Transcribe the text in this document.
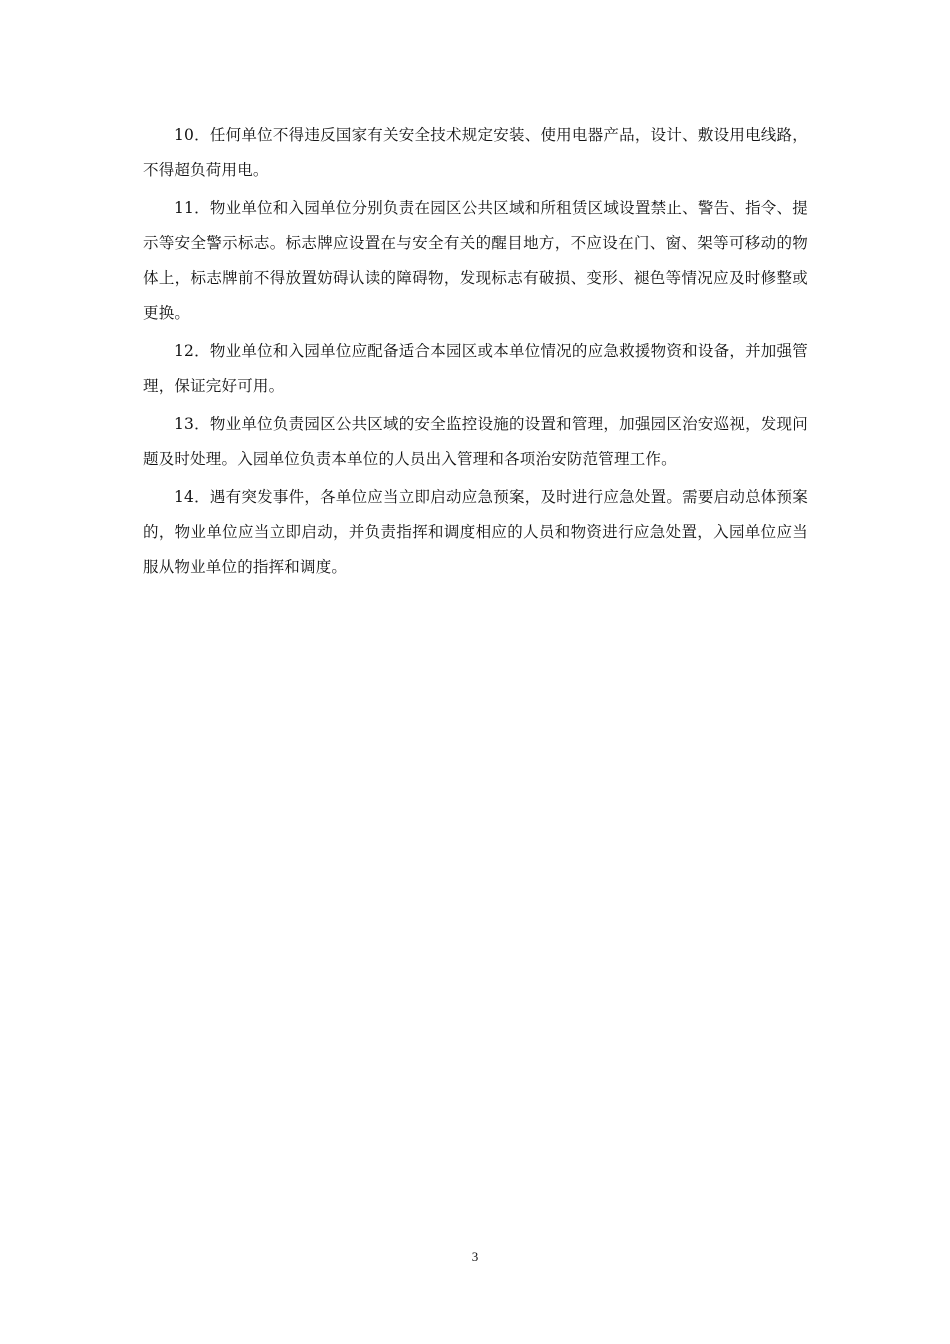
10．任何单位不得违反国家有关安全技术规定安装、使用电器产品，设计、敷设用电线路，不得超负荷用电。

11．物业单位和入园单位分别负责在园区公共区域和所租赁区域设置禁止、警告、指令、提示等安全警示标志。标志牌应设置在与安全有关的醒目地方，不应设在门、窗、架等可移动的物体上，标志牌前不得放置妨碍认读的障碍物，发现标志有破损、变形、褪色等情况应及时修整或更换。

12．物业单位和入园单位应配备适合本园区或本单位情况的应急救援物资和设备，并加强管理，保证完好可用。

13．物业单位负责园区公共区域的安全监控设施的设置和管理，加强园区治安巡视，发现问题及时处理。入园单位负责本单位的人员出入管理和各项治安防范管理工作。

14．遇有突发事件，各单位应当立即启动应急预案，及时进行应急处置。需要启动总体预案的，物业单位应当立即启动，并负责指挥和调度相应的人员和物资进行应急处置，入园单位应当服从物业单位的指挥和调度。

3
